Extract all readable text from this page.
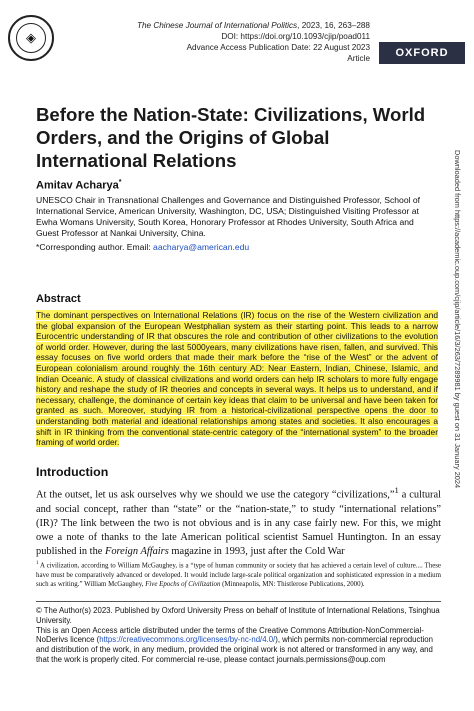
◈
The Chinese Journal of International Politics, 2023, 16, 263–288
DOI: https://doi.org/10.1093/cjip/poad011
Advance Access Publication Date: 22 August 2023
Article	OXFORD
Before the Nation-State: Civilizations, World Orders, and the Origins of Global International Relations
Amitav Acharya*
UNESCO Chair in Transnational Challenges and Governance and Distinguished Professor, School of International Service, American University, Washington, DC, USA; Distinguished Visiting Professor at Ewha Womans University, South Korea, Honorary Professor at Rhodes University, South Africa and Guest Professor at Nankai University, China.
*Corresponding author. Email: aacharya@american.edu
Abstract
The dominant perspectives on International Relations (IR) focus on the rise of the Western civilization and the global expansion of the European Westphalian system as their starting point. This leads to a narrow Eurocentric understanding of IR that obscures the role and contribution of other civilizations to the evolution of world order. However, during the last 5000years, many civilizations have risen, fallen, and survived. This essay focuses on five world orders that made their mark before the “rise of the West” or the advent of European colonialism around roughly the 16th century AD: Near Eastern, Indian, Chinese, Islamic, and Indian Oceanic. A study of classical civilizations and world orders can help IR scholars to more fully engage history and reshape the study of IR theories and concepts in several ways. It helps us to understand, and if necessary, challenge, the dominance of certain key ideas that claim to be universal and have been taken for granted as such. Moreover, studying IR from a historical-civilizational perspective opens the door to understanding both material and ideational relationships among states and societies. It also encourages a shift in IR thinking from the conventional state-centric category of the “international system” to the broader framing of world order.
Introduction
At the outset, let us ask ourselves why we should we use the category “civilizations,”$^1$ a cultural and social concept, rather than “state” or the “nation-state,” to study “international relations” (IR)? The link between the two is not obvious and is in any case fairly new. For this, we might owe a note of thanks to the late American political scientist Samuel Huntington. In an essay published in the Foreign Affairs magazine in 1993, just after the Cold War
$^1$ A civilization, according to William McGaughey, is a “type of human community or society that has achieved a certain level of culture.... These have must be comparatively advanced or developed. It would include large-scale political organization and sophisticated expression in a medium such as writing.” William McGaughey, Five Epochs of Civilization (Minneapolis, MN: Thistlerose Publications, 2000).
© The Author(s) 2023. Published by Oxford University Press on behalf of Institute of International Relations, Tsinghua University.
This is an Open Access article distributed under the terms of the Creative Commons Attribution-NonCommercial-NoDerivs licence (https://creativecommons.org/licenses/by-nc-nd/4.0/), which permits non-commercial reproduction and distribution of the work, in any medium, provided the original work is not altered or transformed in any way, and that the work is properly cited. For commercial re-use, please contact journals.permissions@oup.com
Downloaded from https://academic.oup.com/cjip/article/16/3/263/7289981 by guest on 31 January 2024
